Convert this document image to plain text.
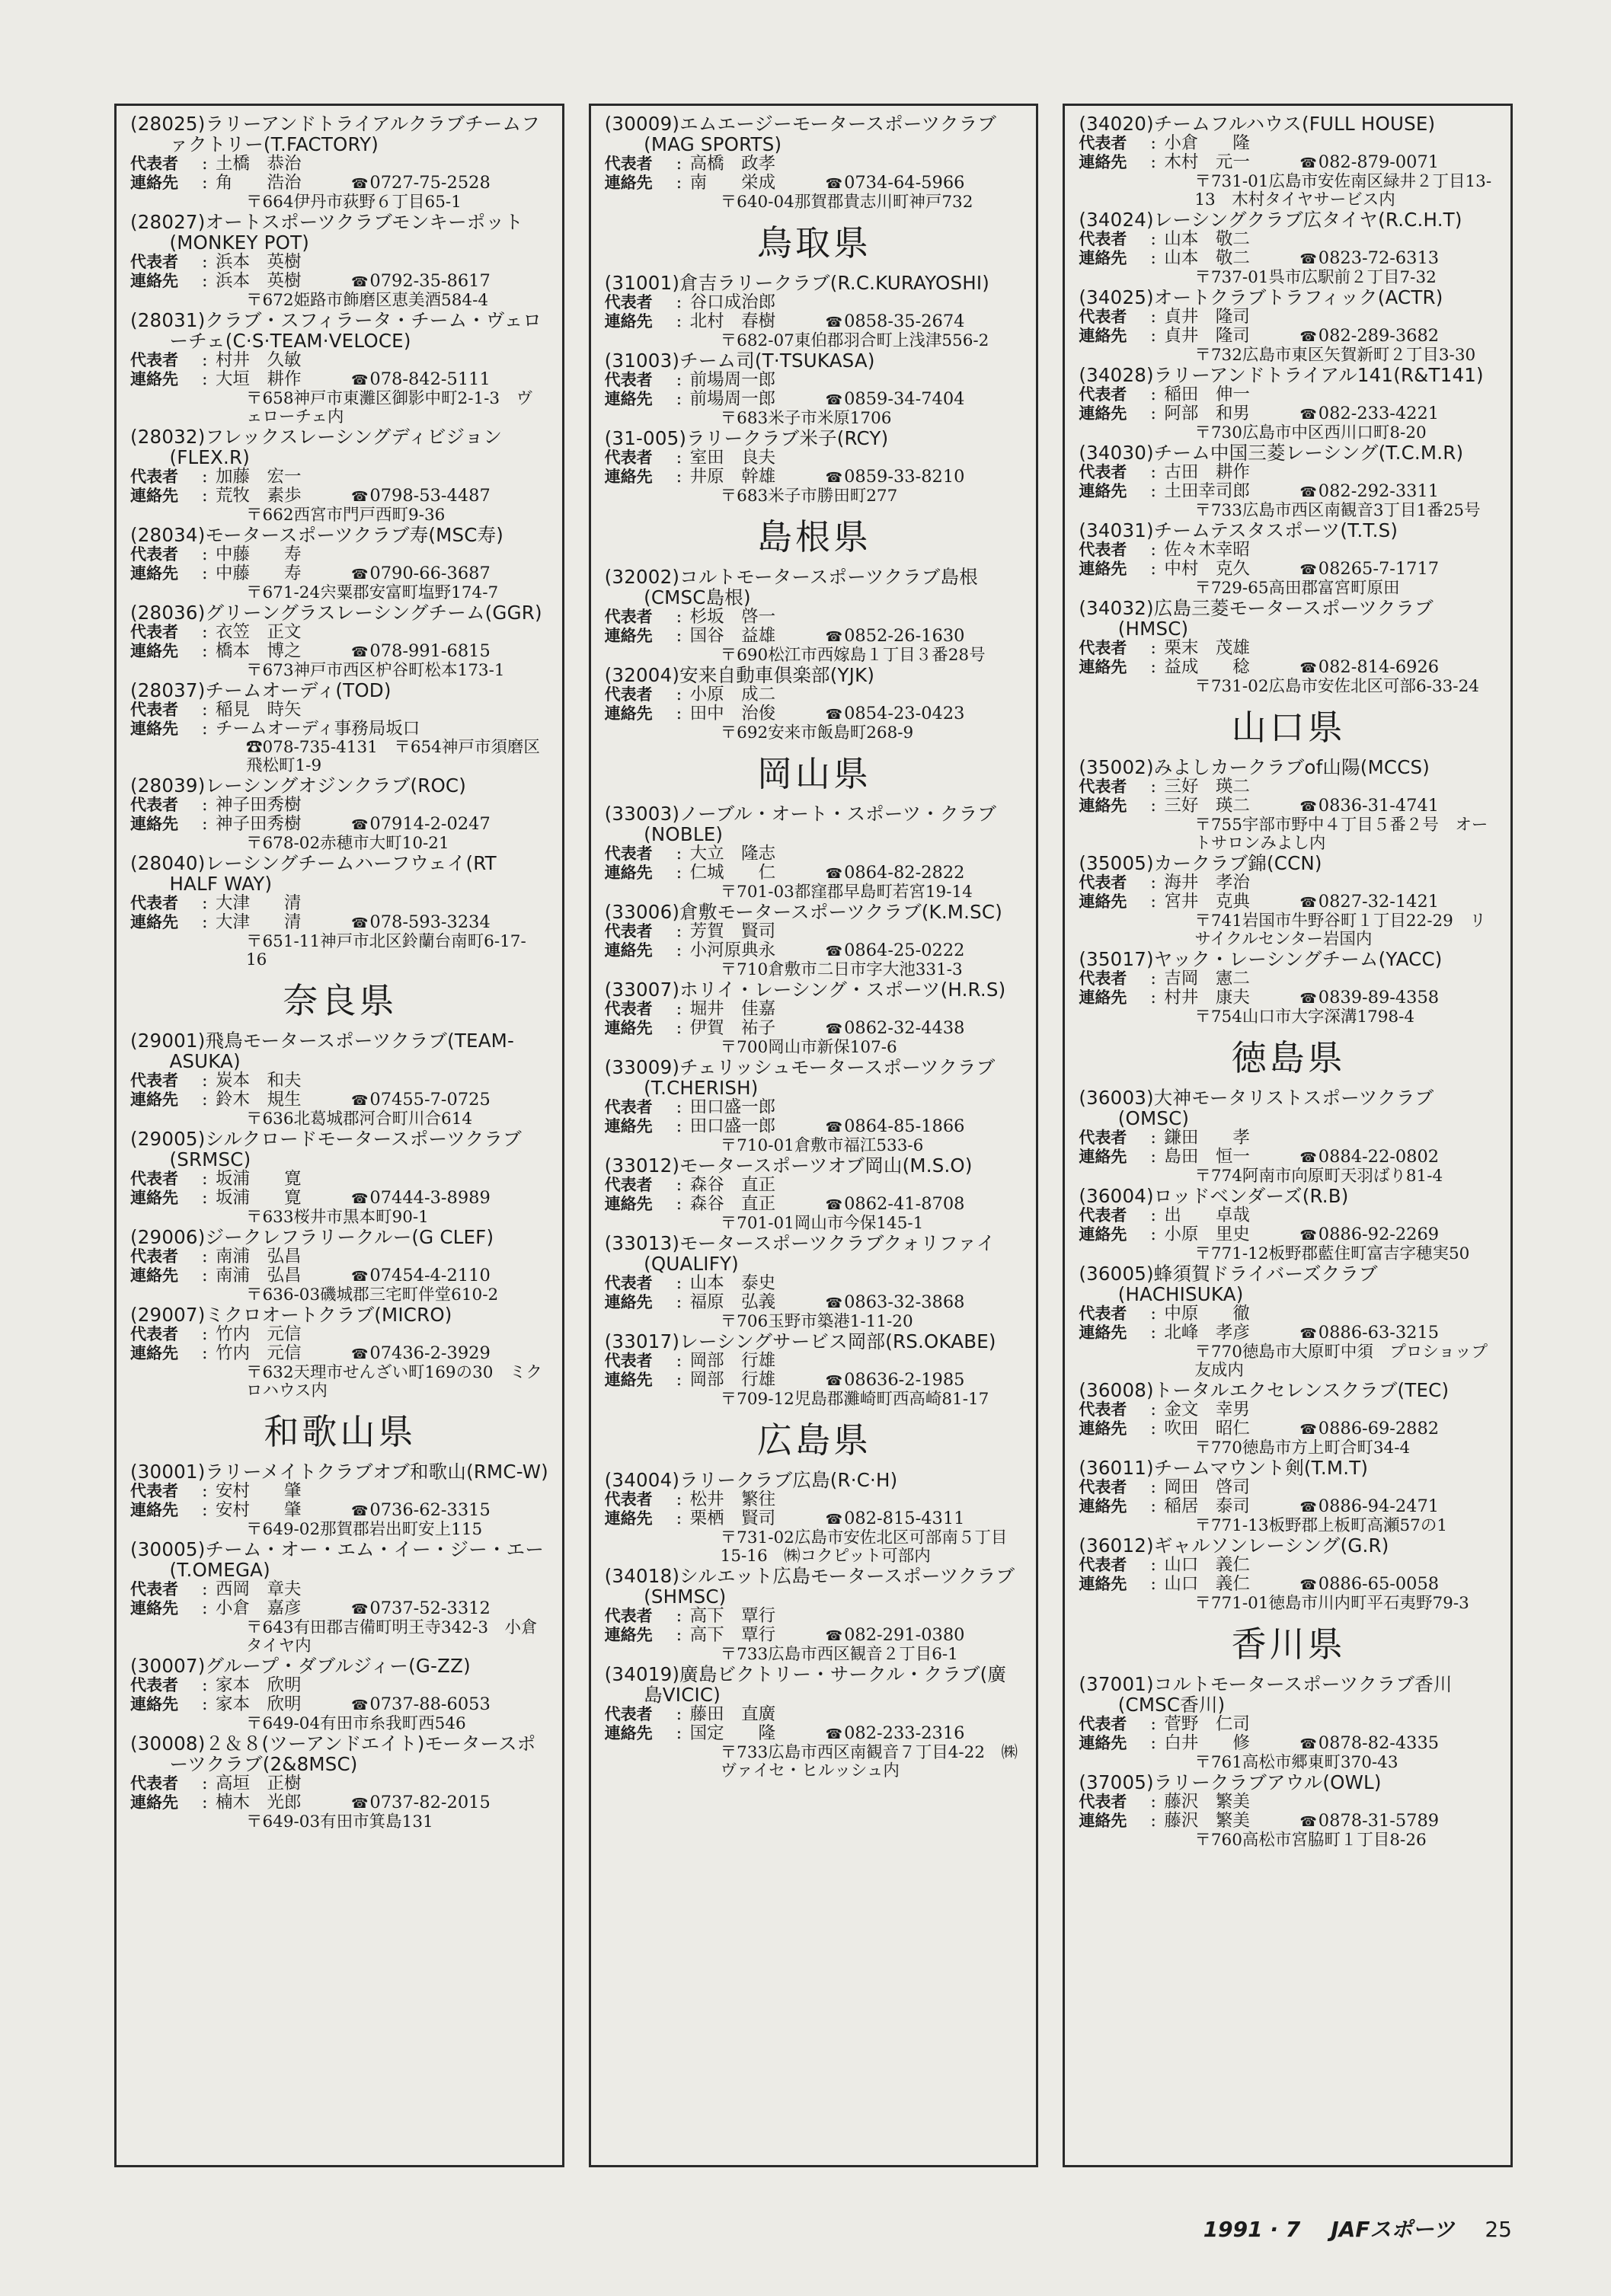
(28025)ラリーアンドトライアルクラブチームファクトリー(T.FACTORY)
代表者	: 土橋　恭治
連絡先	: 角　　浩治	☎ 0727-75-2528
〒664伊丹市荻野６丁目65-1
(28027)オートスポーツクラブモンキーポット(MONKEY POT)
代表者	: 浜本　英樹
連絡先	: 浜本　英樹	☎ 0792-35-8617
〒672姫路市飾磨区恵美酒584-4
(28031)クラブ・スフィラータ・チーム・ヴェローチェ(C·S·TEAM·VELOCE)
代表者	: 村井　久敏
連絡先	: 大垣　耕作	☎ 078-842-5111
〒658神戸市東灘区御影中町2-1-3　ヴェローチェ内
(28032)フレックスレーシングディビジョン(FLEX.R)
代表者	: 加藤　宏一
連絡先	: 荒牧　素歩	☎ 0798-53-4487
〒662西宮市門戸西町9-36
(28034)モータースポーツクラブ寿(MSC寿)
代表者	: 中藤　　寿
連絡先	: 中藤　　寿	☎ 0790-66-3687
〒671-24宍粟郡安富町塩野174-7
(28036)グリーングラスレーシングチーム(GGR)
代表者	: 衣笠　正文
連絡先	: 橋本　博之	☎ 078-991-6815
〒673神戸市西区枦谷町松本173-1
(28037)チームオーディ(TOD)
代表者	: 稲見　時矢
連絡先	: チームオーディ事務局坂口
☎078-735-4131　〒654神戸市須磨区飛松町1-9
(28039)レーシングオジンクラブ(ROC)
代表者	: 神子田秀樹
連絡先	: 神子田秀樹	☎ 07914-2-0247
〒678-02赤穂市大町10-21
(28040)レーシングチームハーフウェイ(RT HALF WAY)
代表者	: 大津　　清
連絡先	: 大津　　清	☎ 078-593-3234
〒651-11神戸市北区鈴蘭台南町6-17-16
奈良県
(29001)飛鳥モータースポーツクラブ(TEAM-ASUKA)
代表者	: 炭本　和夫
連絡先	: 鈴木　規生	☎ 07455-7-0725
〒636北葛城郡河合町川合614
(29005)シルクロードモータースポーツクラブ(SRMSC)
代表者	: 坂浦　　寛
連絡先	: 坂浦　　寛	☎ 07444-3-8989
〒633桜井市黒本町90-1
(29006)ジークレフラリークルー(G CLEF)
代表者	: 南浦　弘昌
連絡先	: 南浦　弘昌	☎ 07454-4-2110
〒636-03磯城郡三宅町伴堂610-2
(29007)ミクロオートクラブ(MICRO)
代表者	: 竹内　元信
連絡先	: 竹内　元信	☎ 07436-2-3929
〒632天理市せんざい町169の30　ミクロハウス内
和歌山県
(30001)ラリーメイトクラブオブ和歌山(RMC-W)
代表者	: 安村　　肇
連絡先	: 安村　　肇	☎ 0736-62-3315
〒649-02那賀郡岩出町安上115
(30005)チーム・オー・エム・イー・ジー・エー(T.OMEGA)
代表者	: 西岡　章夫
連絡先	: 小倉　嘉彦	☎ 0737-52-3312
〒643有田郡吉備町明王寺342-3　小倉タイヤ内
(30007)グループ・ダブルジィー(G-ZZ)
代表者	: 家本　欣明
連絡先	: 家本　欣明	☎ 0737-88-6053
〒649-04有田市糸我町西546
(30008)２＆８(ツーアンドエイト)モータースポーツクラブ(2&8MSC)
代表者	: 高垣　正樹
連絡先	: 楠木　光郎	☎ 0737-82-2015
〒649-03有田市箕島131
(30009)エムエージーモータースポーツクラブ(MAG SPORTS)
代表者	: 高橋　政孝
連絡先	: 南　　栄成	☎ 0734-64-5966
〒640-04那賀郡貴志川町神戸732
鳥取県
(31001)倉吉ラリークラブ(R.C.KURAYOSHI)
代表者	: 谷口成治郎
連絡先	: 北村　春樹	☎ 0858-35-2674
〒682-07東伯郡羽合町上浅津556-2
(31003)チーム司(T·TSUKASA)
代表者	: 前場周一郎
連絡先	: 前場周一郎	☎ 0859-34-7404
〒683米子市米原1706
(31-005)ラリークラブ米子(RCY)
代表者	: 室田　良夫
連絡先	: 井原　幹雄	☎ 0859-33-8210
〒683米子市勝田町277
島根県
(32002)コルトモータースポーツクラブ島根(CMSC島根)
代表者	: 杉坂　啓一
連絡先	: 国谷　益雄	☎ 0852-26-1630
〒690松江市西嫁島１丁目３番28号
(32004)安来自動車倶楽部(YJK)
代表者	: 小原　成二
連絡先	: 田中　治俊	☎ 0854-23-0423
〒692安来市飯島町268-9
岡山県
(33003)ノーブル・オート・スポーツ・クラブ(NOBLE)
代表者	: 大立　隆志
連絡先	: 仁城　　仁	☎ 0864-82-2822
〒701-03都窪郡早島町若宮19-14
(33006)倉敷モータースポーツクラブ(K.M.SC)
代表者	: 芳賀　賢司
連絡先	: 小河原典永	☎ 0864-25-0222
〒710倉敷市二日市字大池331-3
(33007)ホリイ・レーシング・スポーツ(H.R.S)
代表者	: 堀井　佳嘉
連絡先	: 伊賀　祐子	☎ 0862-32-4438
〒700岡山市新保107-6
(33009)チェリッシュモータースポーツクラブ(T.CHERISH)
代表者	: 田口盛一郎
連絡先	: 田口盛一郎	☎ 0864-85-1866
〒710-01倉敷市福江533-6
(33012)モータースポーツオブ岡山(M.S.O)
代表者	: 森谷　直正
連絡先	: 森谷　直正	☎ 0862-41-8708
〒701-01岡山市今保145-1
(33013)モータースポーツクラブクォリファイ(QUALIFY)
代表者	: 山本　泰史
連絡先	: 福原　弘義	☎ 0863-32-3868
〒706玉野市築港1-11-20
(33017)レーシングサービス岡部(RS.OKABE)
代表者	: 岡部　行雄
連絡先	: 岡部　行雄	☎ 08636-2-1985
〒709-12児島郡灘崎町西高崎81-17
広島県
(34004)ラリークラブ広島(R·C·H)
代表者	: 松井　繁往
連絡先	: 栗栖　賢司	☎ 082-815-4311
〒731-02広島市安佐北区可部南５丁目15-16　㈱コクピット可部内
(34018)シルエット広島モータースポーツクラブ(SHMSC)
代表者	: 高下　覃行
連絡先	: 高下　覃行	☎ 082-291-0380
〒733広島市西区観音２丁目6-1
(34019)廣島ビクトリー・サークル・クラブ(廣島VICIC)
代表者	: 藤田　直廣
連絡先	: 国定　　隆	☎ 082-233-2316
〒733広島市西区南観音７丁目4-22　㈱ヴァイセ・ヒルッシュ内
(34020)チームフルハウス(FULL HOUSE)
代表者	: 小倉　　隆
連絡先	: 木村　元一	☎ 082-879-0071
〒731-01広島市安佐南区緑井２丁目13-13　木村タイヤサービス内
(34024)レーシングクラブ広タイヤ(R.C.H.T)
代表者	: 山本　敬二
連絡先	: 山本　敬二	☎ 0823-72-6313
〒737-01呉市広駅前２丁目7-32
(34025)オートクラブトラフィック(ACTR)
代表者	: 貞井　隆司
連絡先	: 貞井　隆司	☎ 082-289-3682
〒732広島市東区矢賀新町２丁目3-30
(34028)ラリーアンドトライアル141(R&T141)
代表者	: 稲田　伸一
連絡先	: 阿部　和男	☎ 082-233-4221
〒730広島市中区西川口町8-20
(34030)チーム中国三菱レーシング(T.C.M.R)
代表者	: 古田　耕作
連絡先	: 土田幸司郎	☎ 082-292-3311
〒733広島市西区南観音3丁目1番25号
(34031)チームテスタスポーツ(T.T.S)
代表者	: 佐々木幸昭
連絡先	: 中村　克久	☎ 08265-7-1717
〒729-65高田郡富宮町原田
(34032)広島三菱モータースポーツクラブ(HMSC)
代表者	: 栗末　茂雄
連絡先	: 益成　　稔	☎ 082-814-6926
〒731-02広島市安佐北区可部6-33-24
山口県
(35002)みよしカークラブof山陽(MCCS)
代表者	: 三好　瑛二
連絡先	: 三好　瑛二	☎ 0836-31-4741
〒755宇部市野中４丁目５番２号　オートサロンみよし内
(35005)カークラブ錦(CCN)
代表者	: 海井　孝治
連絡先	: 宮井　克典	☎ 0827-32-1421
〒741岩国市牛野谷町１丁目22-29　リサイクルセンター岩国内
(35017)ヤック・レーシングチーム(YACC)
代表者	: 吉岡　憲二
連絡先	: 村井　康夫	☎ 0839-89-4358
〒754山口市大字深溝1798-4
徳島県
(36003)大神モータリストスポーツクラブ(OMSC)
代表者	: 鎌田　　孝
連絡先	: 島田　恒一	☎ 0884-22-0802
〒774阿南市向原町天羽ばり81-4
(36004)ロッドベンダーズ(R.B)
代表者	: 出　　卓哉
連絡先	: 小原　里史	☎ 0886-92-2269
〒771-12板野郡藍住町富吉字穂実50
(36005)蜂須賀ドライバーズクラブ(HACHISUKA)
代表者	: 中原　　徹
連絡先	: 北峰　孝彦	☎ 0886-63-3215
〒770徳島市大原町中須　プロショップ友成内
(36008)トータルエクセレンスクラブ(TEC)
代表者	: 金文　幸男
連絡先	: 吹田　昭仁	☎ 0886-69-2882
〒770徳島市方上町合町34-4
(36011)チームマウント剣(T.M.T)
代表者	: 岡田　啓司
連絡先	: 稲居　泰司	☎ 0886-94-2471
〒771-13板野郡上板町高瀬57の1
(36012)ギャルソンレーシング(G.R)
代表者	: 山口　義仁
連絡先	: 山口　義仁	☎ 0886-65-0058
〒771-01徳島市川内町平石夷野79-3
香川県
(37001)コルトモータースポーツクラブ香川(CMSC香川)
代表者	: 菅野　仁司
連絡先	: 白井　　修	☎ 0878-82-4335
〒761高松市郷東町370-43
(37005)ラリークラブアウル(OWL)
代表者	: 藤沢　繁美
連絡先	: 藤沢　繁美	☎ 0878-31-5789
〒760高松市宮脇町１丁目8-26
1991 · 7 JAFスポーツ 25
